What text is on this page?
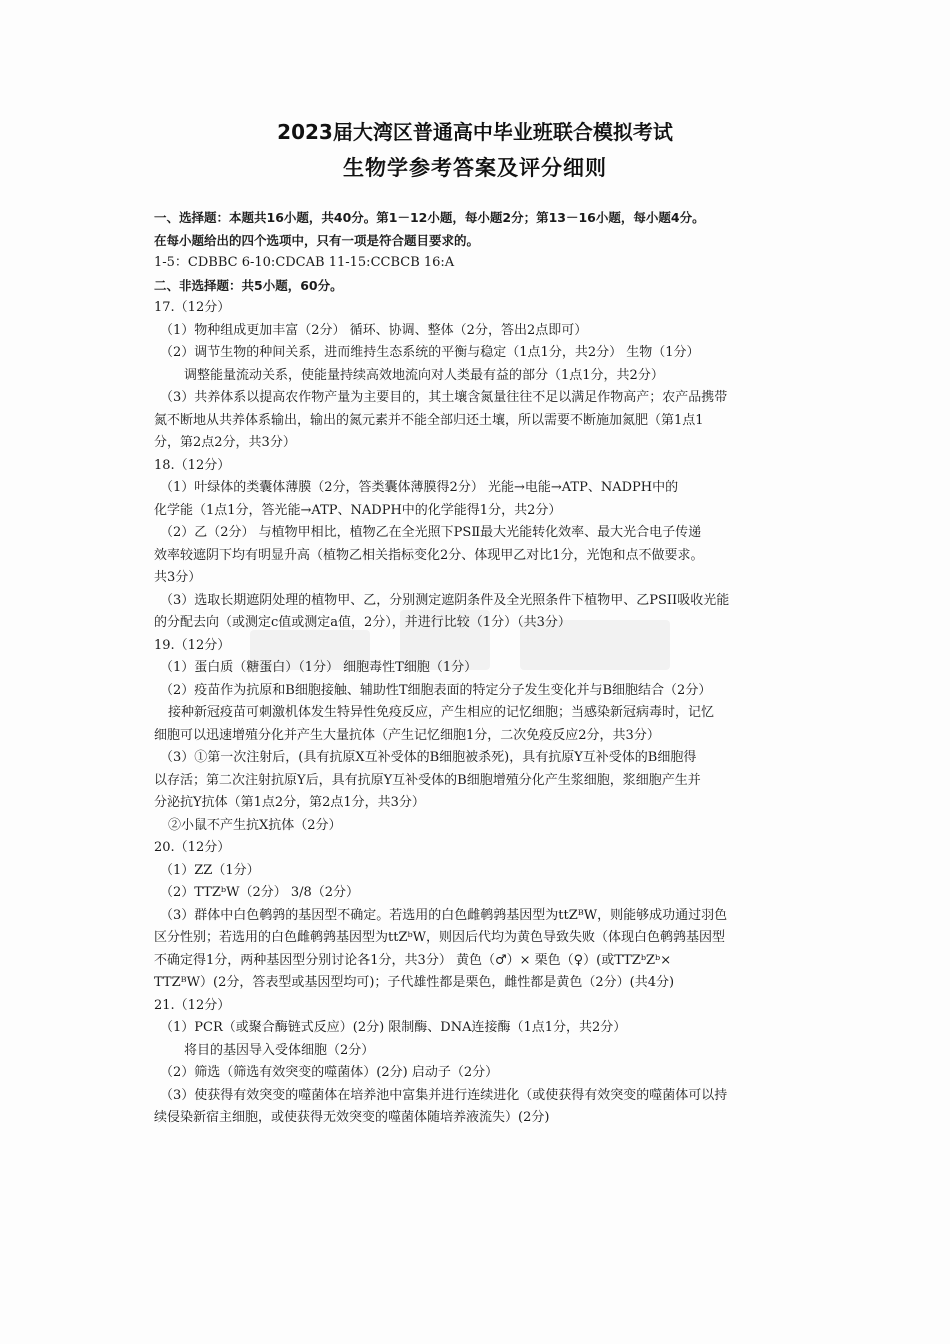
2023届大湾区普通高中毕业班联合模拟考试
生物学参考答案及评分细则
一、选择题：本题共16小题，共40分。第1－12小题，每小题2分；第13－16小题，每小题4分。
在每小题给出的四个选项中，只有一项是符合题目要求的。
1-5：CDBBC 6-10:CDCAB 11-15:CCBCB 16:A
二、非选择题：共5小题，60分。
17.（12分）
（1）物种组成更加丰富（2分） 循环、协调、整体（2分，答出2点即可）
（2）调节生物的种间关系，进而维持生态系统的平衡与稳定（1点1分，共2分） 生物（1分）
调整能量流动关系，使能量持续高效地流向对人类最有益的部分（1点1分，共2分）
（3）共养体系以提高农作物产量为主要目的，其土壤含氮量往往不足以满足作物高产；农产品携带
氮不断地从共养体系输出，输出的氮元素并不能全部归还土壤，所以需要不断施加氮肥（第1点1
分，第2点2分，共3分）
18.（12分）
（1）叶绿体的类囊体薄膜（2分，答类囊体薄膜得2分） 光能→电能→ATP、NADPH中的
化学能（1点1分，答光能→ATP、NADPH中的化学能得1分，共2分）
（2）乙（2分） 与植物甲相比，植物乙在全光照下PSⅡ最大光能转化效率、最大光合电子传递
效率较遮阴下均有明显升高（植物乙相关指标变化2分、体现甲乙对比1分，光饱和点不做要求。
共3分）
（3）选取长期遮阴处理的植物甲、乙，分别测定遮阴条件及全光照条件下植物甲、乙PSII吸收光能
的分配去向（或测定c值或测定a值，2分），并进行比较（1分）（共3分）
19.（12分）
（1）蛋白质（糖蛋白）（1分） 细胞毒性T细胞（1分）
（2）疫苗作为抗原和B细胞接触、辅助性T细胞表面的特定分子发生变化并与B细胞结合（2分）
接种新冠疫苗可刺激机体发生特异性免疫反应，产生相应的记忆细胞；当感染新冠病毒时，记忆
细胞可以迅速增殖分化并产生大量抗体（产生记忆细胞1分，二次免疫反应2分，共3分）
（3）①第一次注射后，(具有抗原X互补受体的B细胞被杀死)，具有抗原Y互补受体的B细胞得
以存活；第二次注射抗原Y后，具有抗原Y互补受体的B细胞增殖分化产生浆细胞，浆细胞产生并
分泌抗Y抗体（第1点2分，第2点1分，共3分）
②小鼠不产生抗X抗体（2分）
20.（12分）
（1）ZZ（1分）
（2）TTZᵇW（2分） 3/8（2分）
（3）群体中白色鹌鹑的基因型不确定。若选用的白色雌鹌鹑基因型为ttZᴮW，则能够成功通过羽色
区分性别；若选用的白色雌鹌鹑基因型为ttZᵇW，则因后代均为黄色导致失败（体现白色鹌鹑基因型
不确定得1分，两种基因型分别讨论各1分，共3分） 黄色（♂）× 栗色（♀）(或TTZᵇZᵇ×
TTZᴮW）(2分，答表型或基因型均可)；子代雄性都是栗色，雌性都是黄色（2分）(共4分)
21.（12分）
（1）PCR（或聚合酶链式反应）(2分) 限制酶、DNA连接酶（1点1分，共2分）
将目的基因导入受体细胞（2分）
（2）筛选（筛选有效突变的噬菌体）(2分) 启动子（2分）
（3）使获得有效突变的噬菌体在培养池中富集并进行连续进化（或使获得有效突变的噬菌体可以持
续侵染新宿主细胞，或使获得无效突变的噬菌体随培养液流失）(2分)
